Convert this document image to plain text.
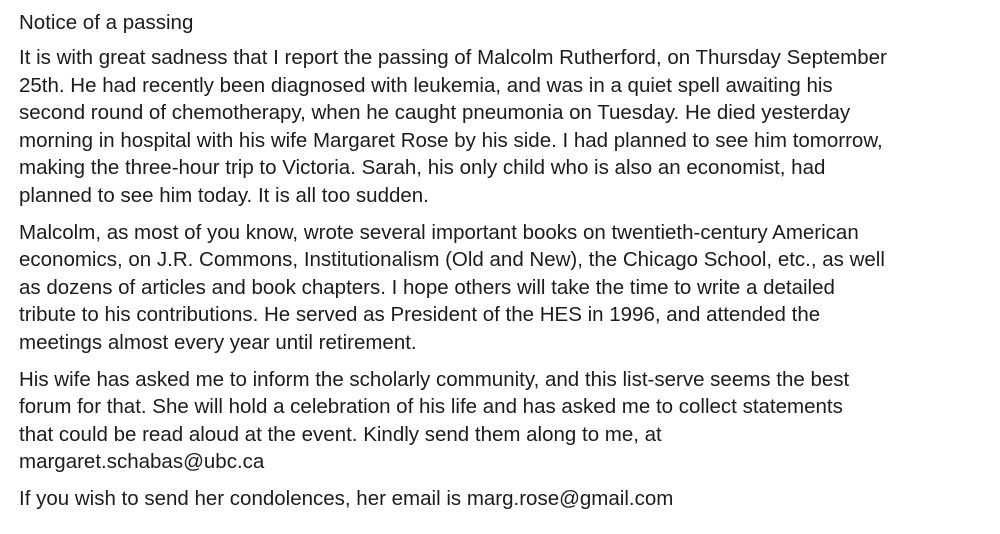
Notice of a passing
It is with great sadness that I report the passing of Malcolm Rutherford, on Thursday September
25th. He had recently been diagnosed with leukemia, and was in a quiet spell awaiting his
second round of chemotherapy, when he caught pneumonia on Tuesday. He died yesterday
morning in hospital with his wife Margaret Rose by his side. I had planned to see him tomorrow,
making the three-hour trip to Victoria. Sarah, his only child who is also an economist, had
planned to see him today. It is all too sudden.
Malcolm, as most of you know, wrote several important books on twentieth-century American
economics, on J.R. Commons, Institutionalism (Old and New), the Chicago School, etc., as well
as dozens of articles and book chapters. I hope others will take the time to write a detailed
tribute to his contributions. He served as President of the HES in 1996, and attended the
meetings almost every year until retirement.
His wife has asked me to inform the scholarly community, and this list-serve seems the best
forum for that. She will hold a celebration of his life and has asked me to collect statements
that could be read aloud at the event. Kindly send them along to me, at
margaret.schabas@ubc.ca
If you wish to send her condolences, her email is marg.rose@gmail.com
